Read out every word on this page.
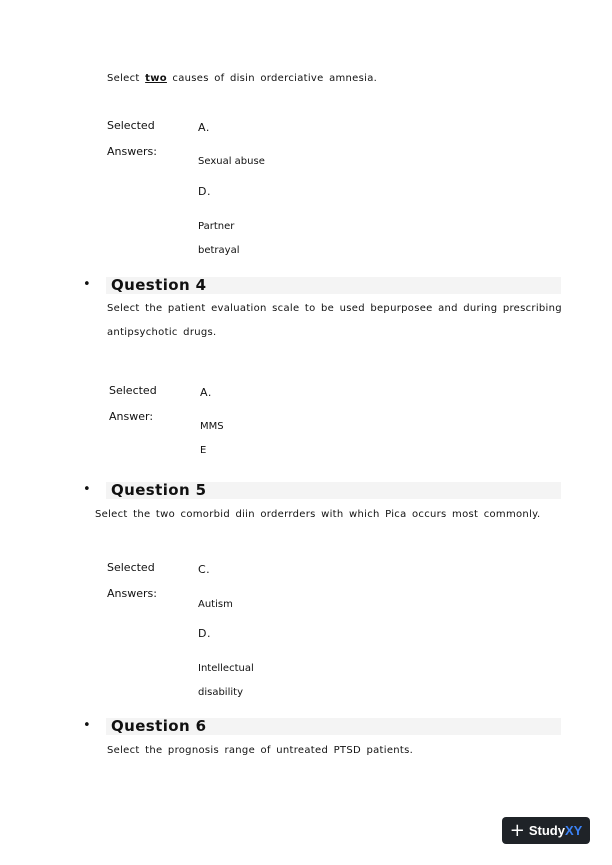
Select two causes of disin orderciative amnesia.
Selected
Answers:
A.
Sexual abuse
D.
Partner
betrayal
• Question 4
Select the patient evaluation scale to be used bepurposee and during prescribing
antipsychotic drugs.
Selected
Answer:
A.
MMS
E
• Question 5
Select the two comorbid diin orderrders with which Pica occurs most commonly.
Selected
Answers:
C.
Autism
D.
Intellectual
disability
• Question 6
Select the prognosis range of untreated PTSD patients.
+ StudyXY
